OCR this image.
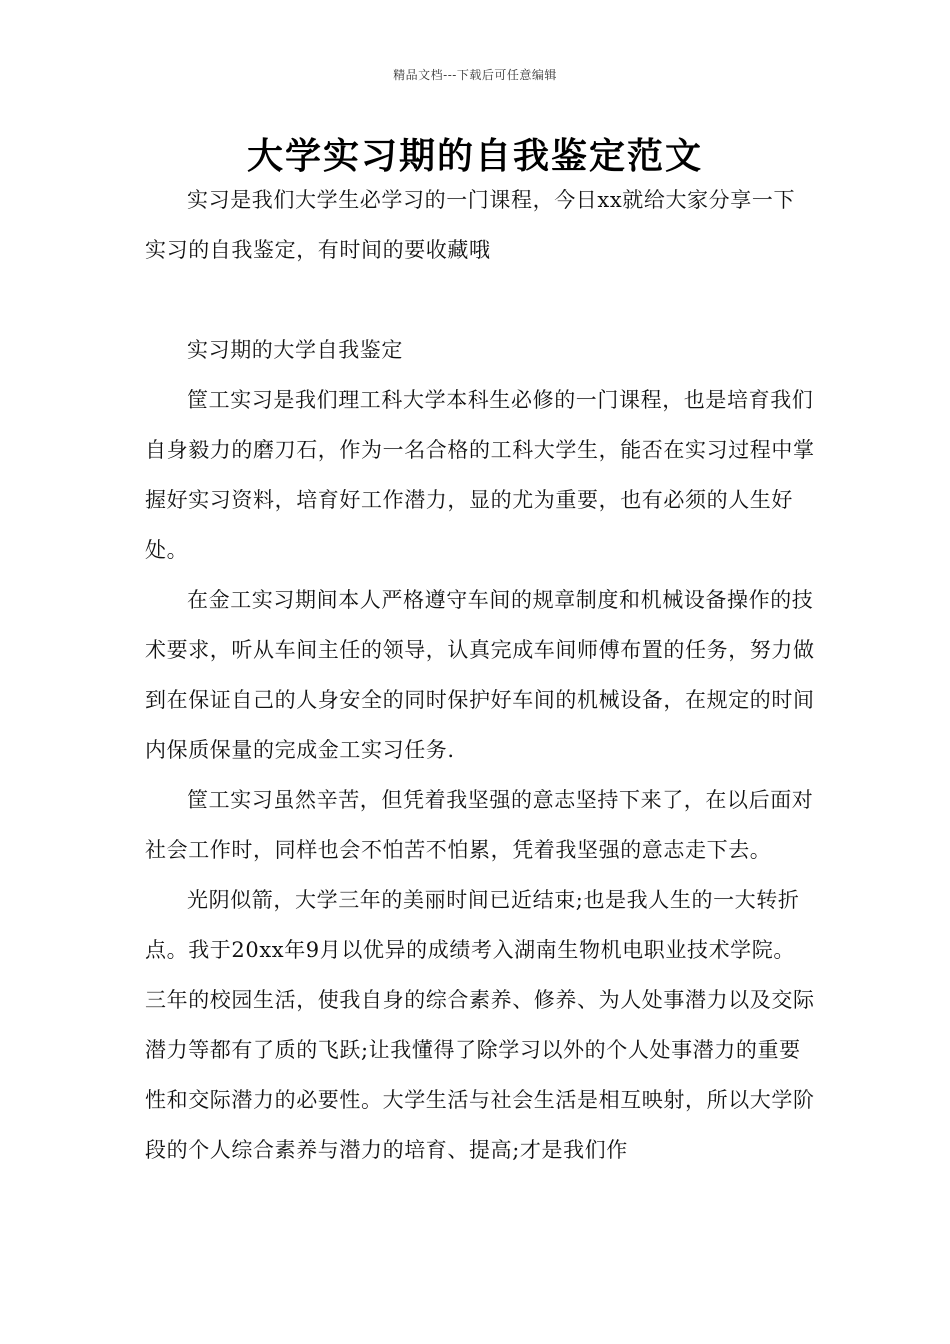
精品文档---下载后可任意编辑
大学实习期的自我鉴定范文

实习是我们大学生必学习的一门课程，今日xx就给大家分享一下实习的自我鉴定，有时间的要收藏哦

实习期的大学自我鉴定

筐工实习是我们理工科大学本科生必修的一门课程，也是培育我们自身毅力的磨刀石，作为一名合格的工科大学生，能否在实习过程中掌握好实习资料，培育好工作潜力，显的尤为重要，也有必须的人生好处。

在金工实习期间本人严格遵守车间的规章制度和机械设备操作的技术要求，听从车间主任的领导，认真完成车间师傅布置的任务，努力做到在保证自己的人身安全的同时保护好车间的机械设备，在规定的时间内保质保量的完成金工实习任务.

筐工实习虽然辛苦，但凭着我坚强的意志坚持下来了，在以后面对社会工作时，同样也会不怕苦不怕累，凭着我坚强的意志走下去。

光阴似箭，大学三年的美丽时间已近结束;也是我人生的一大转折点。我于20xx年9月以优异的成绩考入湖南生物机电职业技术学院。三年的校园生活，使我自身的综合素养、修养、为人处事潜力以及交际潜力等都有了质的飞跃;让我懂得了除学习以外的个人处事潜力的重要性和交际潜力的必要性。大学生活与社会生活是相互映射，所以大学阶段的个人综合素养与潜力的培育、提高;才是我们作
